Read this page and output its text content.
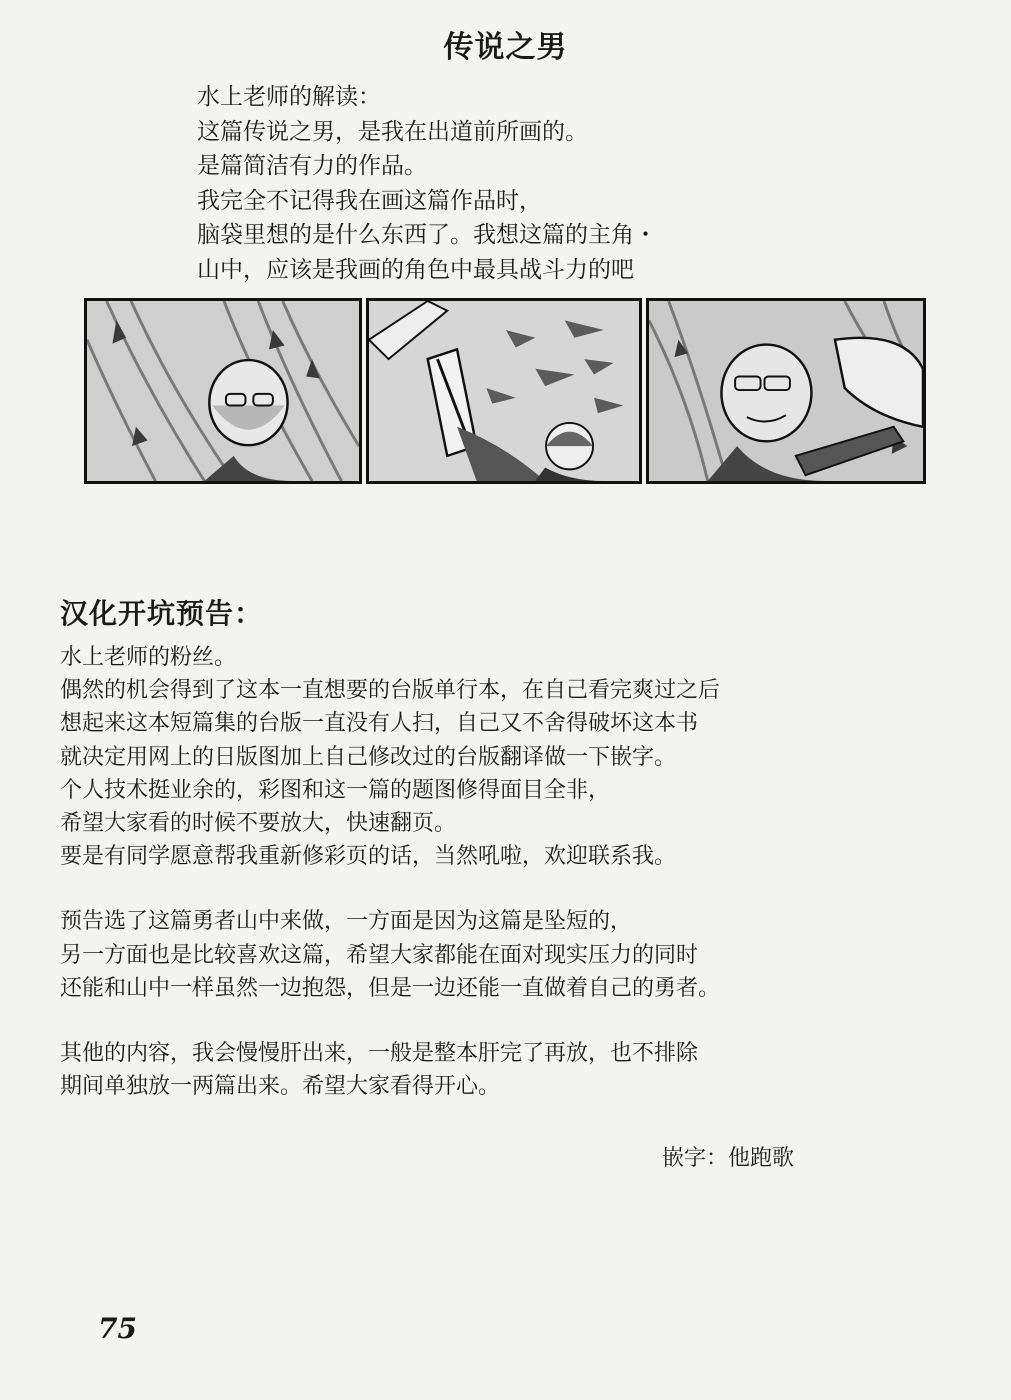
传说之男
水上老师的解读：
这篇传说之男，是我在出道前所画的。
是篇简洁有力的作品。
我完全不记得我在画这篇作品时，
脑袋里想的是什么东西了。我想这篇的主角・
山中，应该是我画的角色中最具战斗力的吧
汉化开坑预告：
水上老师的粉丝。
偶然的机会得到了这本一直想要的台版单行本，在自己看完爽过之后
想起来这本短篇集的台版一直没有人扫，自己又不舍得破坏这本书
就决定用网上的日版图加上自己修改过的台版翻译做一下嵌字。
个人技术挺业余的，彩图和这一篇的题图修得面目全非，
希望大家看的时候不要放大，快速翻页。
要是有同学愿意帮我重新修彩页的话，当然吼啦，欢迎联系我。
预告选了这篇勇者山中来做，一方面是因为这篇是坠短的，
另一方面也是比较喜欢这篇，希望大家都能在面对现实压力的同时
还能和山中一样虽然一边抱怨，但是一边还能一直做着自己的勇者。
其他的内容，我会慢慢肝出来，一般是整本肝完了再放，也不排除
期间单独放一两篇出来。希望大家看得开心。
嵌字：他跑歌
75
